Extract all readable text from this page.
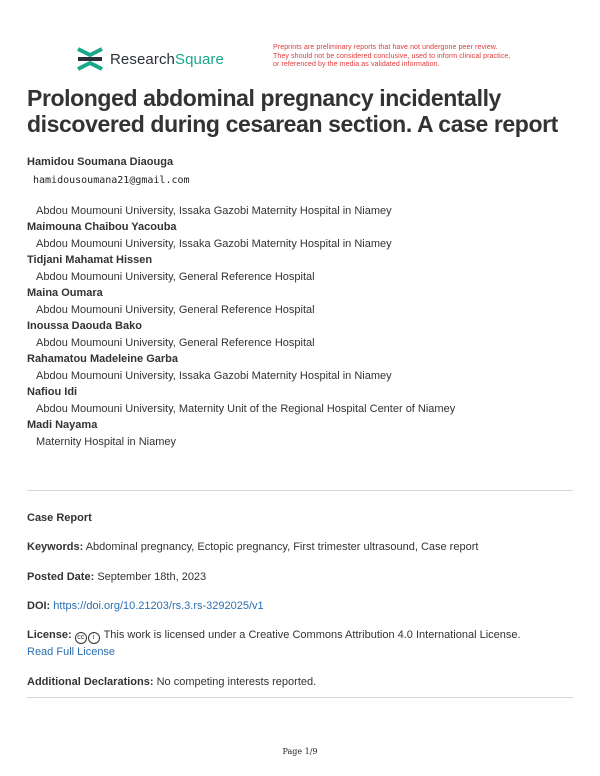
ResearchSquare
Preprints are preliminary reports that have not undergone peer review.
They should not be considered conclusive, used to inform clinical practice,
or referenced by the media as validated information.
Prolonged abdominal pregnancy incidentally discovered during cesarean section. A case report
Hamidou Soumana Diaouga
hamidousoumana21@gmail.com
Abdou Moumouni University, Issaka Gazobi Maternity Hospital in Niamey
Maimouna Chaibou Yacouba
Abdou Moumouni University, Issaka Gazobi Maternity Hospital in Niamey
Tidjani Mahamat Hissen
Abdou Moumouni University, General Reference Hospital
Maina Oumara
Abdou Moumouni University, General Reference Hospital
Inoussa Daouda Bako
Abdou Moumouni University, General Reference Hospital
Rahamatou Madeleine Garba
Abdou Moumouni University, Issaka Gazobi Maternity Hospital in Niamey
Nafiou Idi
Abdou Moumouni University, Maternity Unit of the Regional Hospital Center of Niamey
Madi Nayama
Maternity Hospital in Niamey
Case Report
Keywords: Abdominal pregnancy, Ectopic pregnancy, First trimester ultrasound, Case report
Posted Date: September 18th, 2023
DOI: https://doi.org/10.21203/rs.3.rs-3292025/v1
License: cc i This work is licensed under a Creative Commons Attribution 4.0 International License.
Read Full License
Additional Declarations: No competing interests reported.
Page 1/9
